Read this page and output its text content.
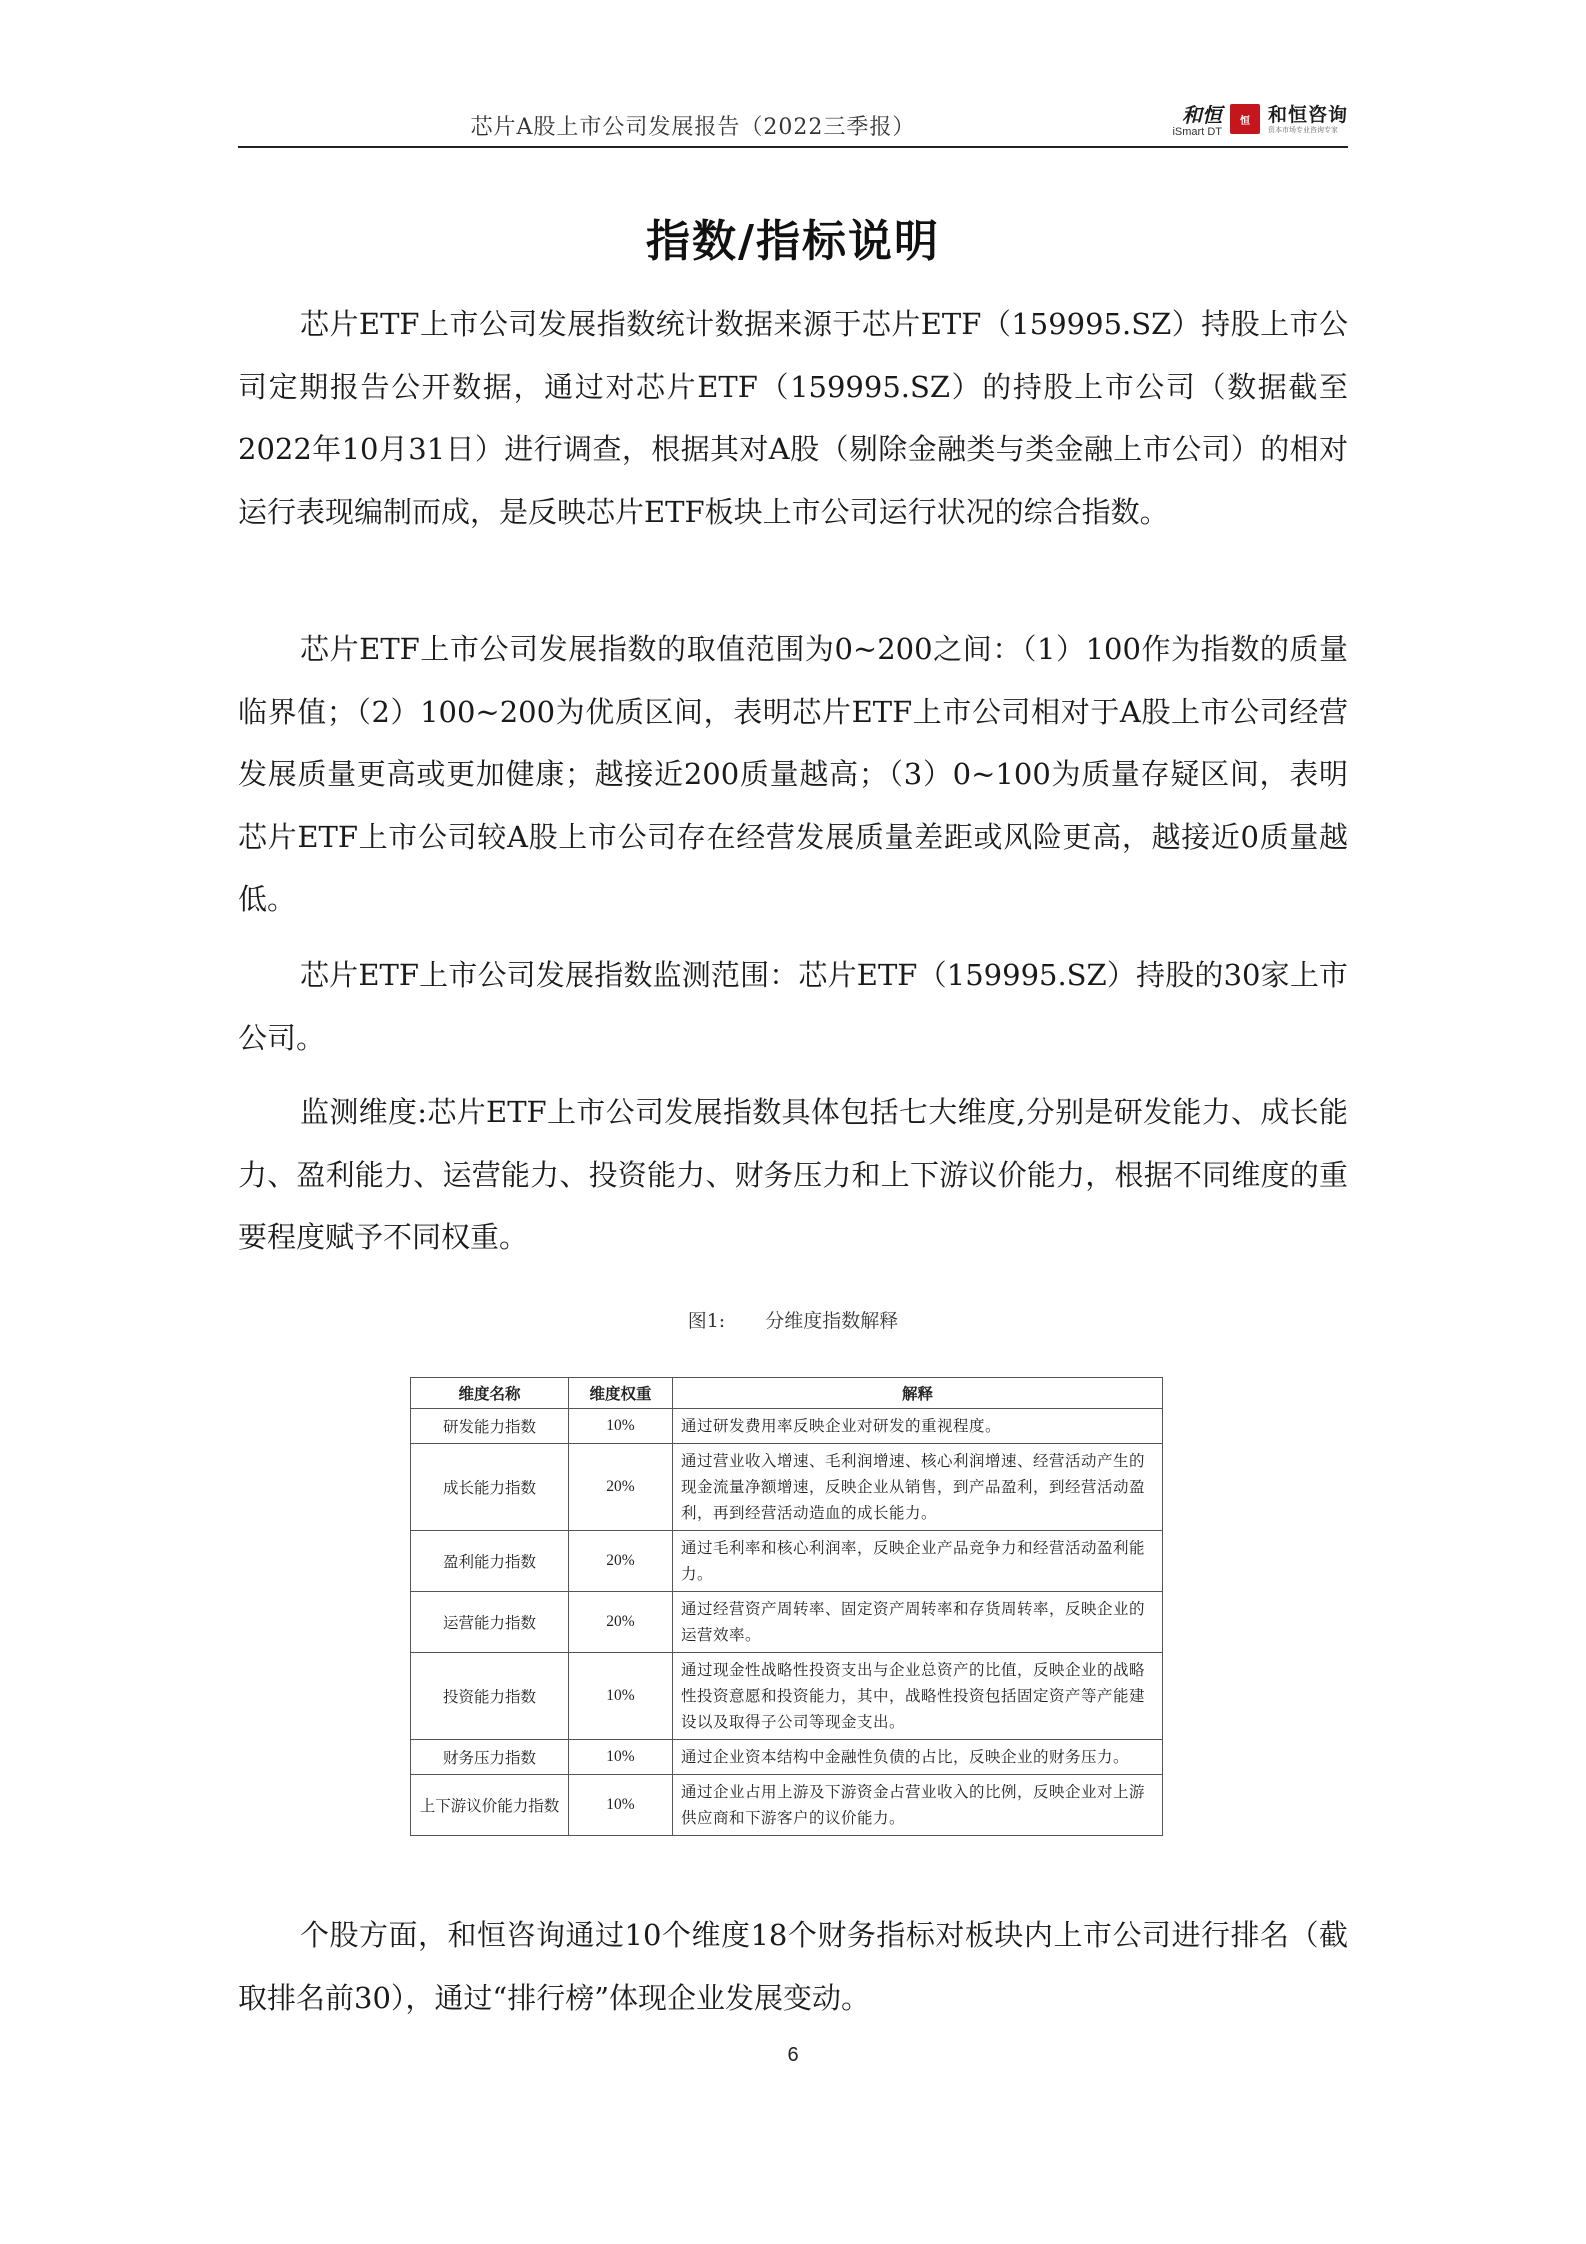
芯片A股上市公司发展报告（2022三季报）	和恒
iSmart DT
恒 和恒咨询
资本市场专业咨询专家
指数/指标说明

芯片ETF上市公司发展指数统计数据来源于芯片ETF（159995.SZ）持股上市公司定期报告公开数据，通过对芯片ETF（159995.SZ）的持股上市公司（数据截至2022年10月31日）进行调查，根据其对A股（剔除金融类与类金融上市公司）的相对运行表现编制而成，是反映芯片ETF板块上市公司运行状况的综合指数。

芯片ETF上市公司发展指数的取值范围为0~200之间：（1）100作为指数的质量临界值；（2）100~200为优质区间，表明芯片ETF上市公司相对于A股上市公司经营发展质量更高或更加健康；越接近200质量越高；（3）0~100为质量存疑区间，表明芯片ETF上市公司较A股上市公司存在经营发展质量差距或风险更高，越接近0质量越低。

芯片ETF上市公司发展指数监测范围：芯片ETF（159995.SZ）持股的30家上市公司。

监测维度:芯片ETF上市公司发展指数具体包括七大维度,分别是研发能力、成长能力、盈利能力、运营能力、投资能力、财务压力和上下游议价能力，根据不同维度的重要程度赋予不同权重。

图1: 分维度指数解释
维度名称	维度权重	解释
研发能力指数	10%	通过研发费用率反映企业对研发的重视程度。
成长能力指数	20%	通过营业收入增速、毛利润增速、核心利润增速、经营活动产生的现金流量净额增速，反映企业从销售，到产品盈利，到经营活动盈利，再到经营活动造血的成长能力。
盈利能力指数	20%	通过毛利率和核心利润率，反映企业产品竞争力和经营活动盈利能力。
运营能力指数	20%	通过经营资产周转率、固定资产周转率和存货周转率，反映企业的运营效率。
投资能力指数	10%	通过现金性战略性投资支出与企业总资产的比值，反映企业的战略性投资意愿和投资能力，其中，战略性投资包括固定资产等产能建设以及取得子公司等现金支出。
财务压力指数	10%	通过企业资本结构中金融性负债的占比，反映企业的财务压力。
上下游议价能力指数	10%	通过企业占用上游及下游资金占营业收入的比例，反映企业对上游供应商和下游客户的议价能力。

个股方面，和恒咨询通过10个维度18个财务指标对板块内上市公司进行排名（截取排名前30），通过“排行榜”体现企业发展变动。

6
